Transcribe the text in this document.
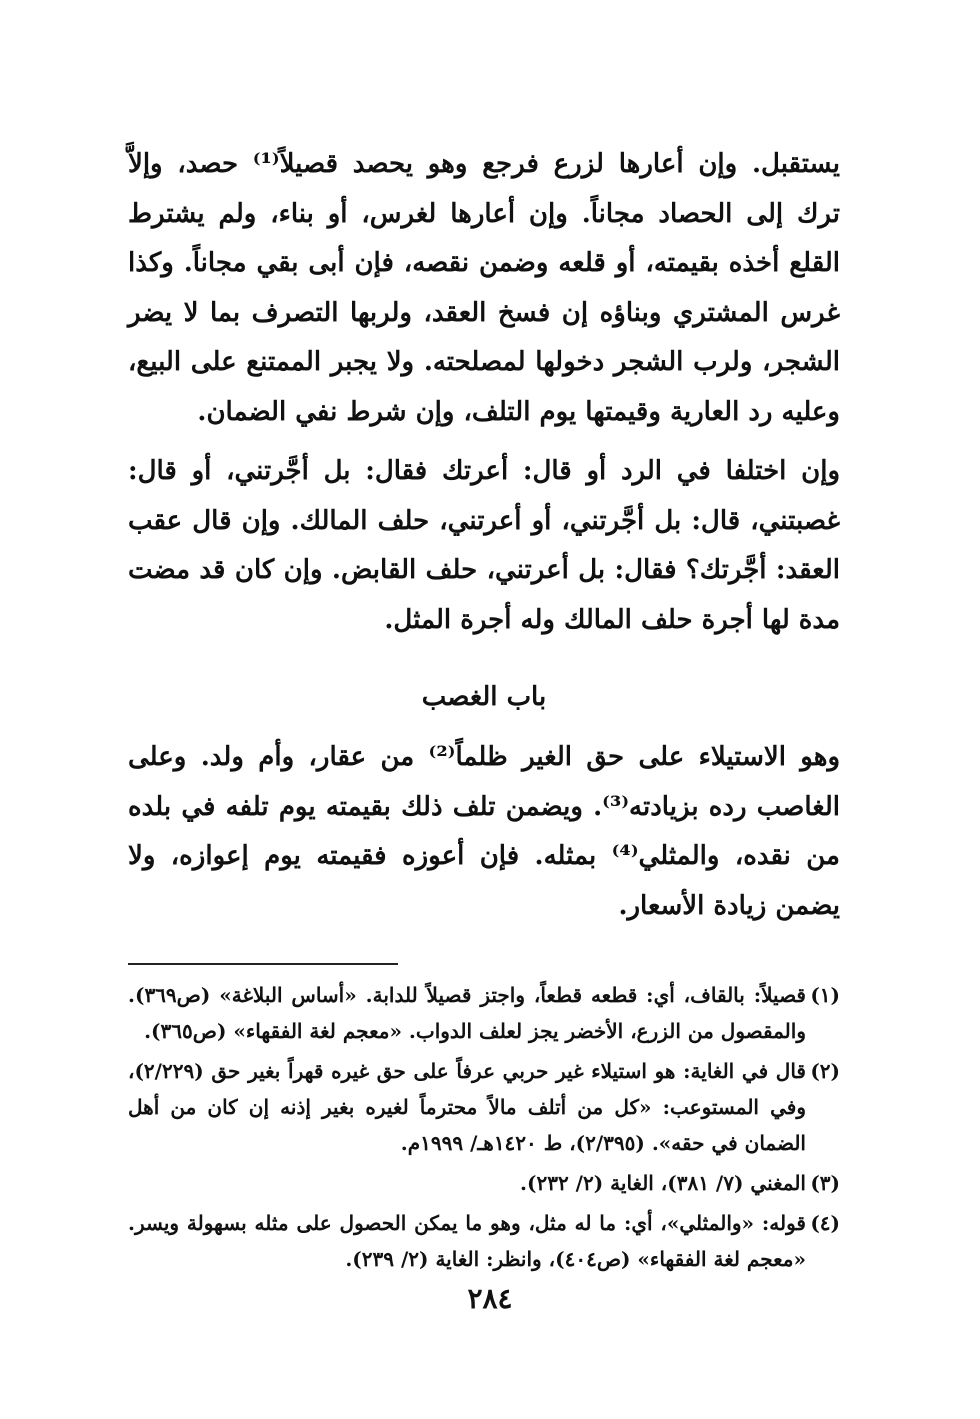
يستقبل. وإن أعارها لزرع فرجع وهو يحصد قصيلاً⁽¹⁾ حصد، وإلاَّ ترك إلى الحصاد مجاناً. وإن أعارها لغرس، أو بناء، ولم يشترط القلع أخذه بقيمته، أو قلعه وضمن نقصه، فإن أبى بقي مجاناً. وكذا غرس المشتري وبناؤه إن فسخ العقد، ولربها التصرف بما لا يضر الشجر، ولرب الشجر دخولها لمصلحته. ولا يجبر الممتنع على البيع، وعليه رد العارية وقيمتها يوم التلف، وإن شرط نفي الضمان.

وإن اختلفا في الرد أو قال: أعرتك فقال: بل أجَّرتني، أو قال: غصبتني، قال: بل أجَّرتني، أو أعرتني، حلف المالك. وإن قال عقب العقد: أجَّرتك؟ فقال: بل أعرتني، حلف القابض. وإن كان قد مضت مدة لها أجرة حلف المالك وله أجرة المثل.

باب الغصب

وهو الاستيلاء على حق الغير ظلماً⁽²⁾ من عقار، وأم ولد. وعلى الغاصب رده بزيادته⁽³⁾. ويضمن تلف ذلك بقيمته يوم تلفه في بلده من نقده، والمثلي⁽⁴⁾ بمثله. فإن أعوزه فقيمته يوم إعوازه، ولا يضمن زيادة الأسعار.

(١)
قصيلاً: بالقاف، أي: قطعه قطعاً، واجتز قصيلاً للدابة. «أساس البلاغة» (ص٣٦٩). والمقصول من الزرع، الأخضر يجز لعلف الدواب. «معجم لغة الفقهاء» (ص٣٦٥).

(٢)
قال في الغاية: هو استيلاء غير حربي عرفاً على حق غيره قهراً بغير حق (٢/٢٢٩)، وفي المستوعب: «كل من أتلف مالاً محترماً لغيره بغير إذنه إن كان من أهل الضمان في حقه». (٢/٣٩٥)، ط ١٤٢٠هـ/ ١٩٩٩م.

(٣)
المغني (٧/ ٣٨١)، الغاية (٢/ ٢٣٢).

(٤)
قوله: «والمثلي»، أي: ما له مثل، وهو ما يمكن الحصول على مثله بسهولة ويسر. «معجم لغة الفقهاء» (ص٤٠٤)، وانظر: الغاية (٢/ ٢٣٩).

٢٨٤
